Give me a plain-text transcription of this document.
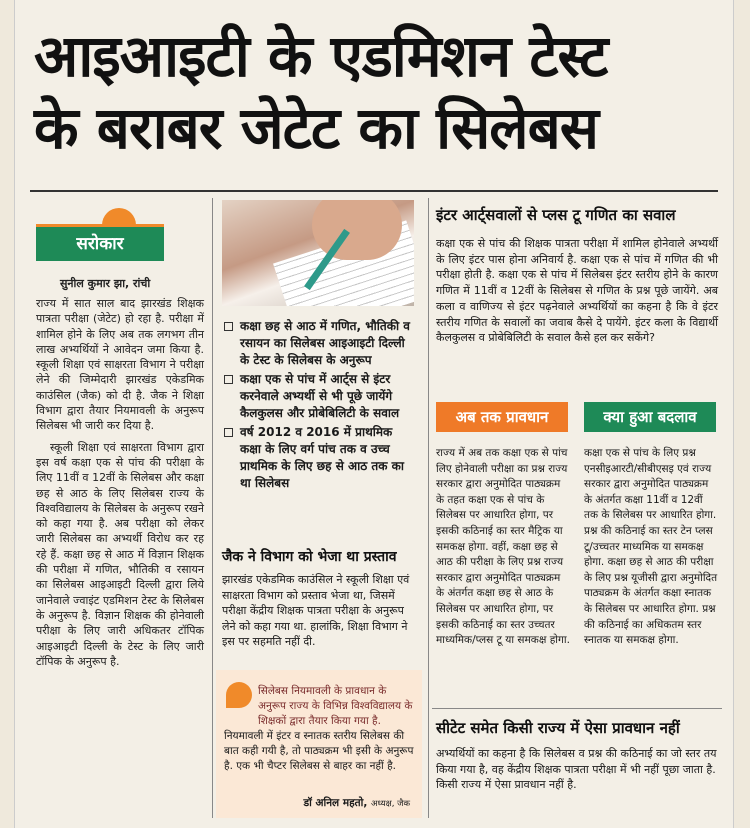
आइआइटी के एडमिशन टेस्ट
के बराबर जेटेट का सिलेबस
सरोकार
सुनील कुमार झा, रांची

राज्य में सात साल बाद झारखंड शिक्षक पात्रता परीक्षा (जेटेट) हो रहा है. परीक्षा में शामिल होने के लिए अब तक लगभग तीन लाख अभ्यर्थियों ने आवेदन जमा किया है. स्कूली शिक्षा एवं साक्षरता विभाग ने परीक्षा लेने की जिम्मेदारी झारखंड एकेडमिक काउंसिल (जैक) को दी है. जैक ने शिक्षा विभाग द्वारा तैयार नियमावली के अनुरूप सिलेबस भी जारी कर दिया है.

स्कूली शिक्षा एवं साक्षरता विभाग द्वारा इस वर्ष कक्षा एक से पांच की परीक्षा के लिए 11वीं व 12वीं के सिलेबस और कक्षा छह से आठ के लिए सिलेबस राज्य के विश्वविद्यालय के सिलेबस के अनुरूप रखने को कहा गया है. अब परीक्षा को लेकर जारी सिलेबस का अभ्यर्थी विरोध कर रह रहे हैं. कक्षा छह से आठ में विज्ञान शिक्षक की परीक्षा में गणित, भौतिकी व रसायन का सिलेबस आइआइटी दिल्ली द्वारा लिये जानेवाले ज्वाइंट एडमिशन टेस्ट के सिलेबस के अनुरूप है. विज्ञान शिक्षक की होनेवाली परीक्षा के लिए जारी अधिकतर टॉपिक आइआइटी दिल्ली के टेस्ट के लिए जारी टॉपिक के अनुरूप है.

कक्षा छह से आठ में गणित, भौतिकी व रसायन का सिलेबस आइआइटी दिल्ली के टेस्ट के सिलेबस के अनुरूप
कक्षा एक से पांच में आर्ट्स से इंटर करनेवाले अभ्यर्थी से भी पूछे जायेंगे कैलकुलस और प्रोबेबिलिटी के सवाल
वर्ष 2012 व 2016 में प्राथमिक कक्षा के लिए वर्ग पांच तक व उच्च प्राथमिक के लिए छह से आठ तक का था सिलेबस
जैक ने विभाग को भेजा था प्रस्ताव
झारखंड एकेडमिक काउंसिल ने स्कूली शिक्षा एवं साक्षरता विभाग को प्रस्ताव भेजा था, जिसमें परीक्षा केंद्रीय शिक्षक पात्रता परीक्षा के अनुरूप लेने को कहा गया था. हालांकि, शिक्षा विभाग ने इस पर सहमति नहीं दी.
सिलेबस नियमावली के प्रावधान के अनुरूप राज्य के विभिन्न विश्वविद्यालय के शिक्षकों द्वारा तैयार किया गया है.
नियमावली में इंटर व स्नातक स्तरीय सिलेबस की बात कही गयी है, तो पाठ्यक्रम भी इसी के अनुरूप है. एक भी चैप्टर सिलेबस से बाहर का नहीं है.
डॉ अनिल महतो, अध्यक्ष, जैक
इंटर आर्ट्सवालों से प्लस टू गणित का सवाल
कक्षा एक से पांच की शिक्षक पात्रता परीक्षा में शामिल होनेवाले अभ्यर्थी के लिए इंटर पास होना अनिवार्य है. कक्षा एक से पांच में गणित की भी परीक्षा होती है. कक्षा एक से पांच में सिलेबस इंटर स्तरीय होने के कारण गणित में 11वीं व 12वीं के सिलेबस से गणित के प्रश्न पूछे जायेंगे. अब कला व वाणिज्य से इंटर पढ़नेवाले अभ्यर्थियों का कहना है कि वे इंटर स्तरीय गणित के सवालों का जवाब कैसे दे पायेंगे. इंटर कला के विद्यार्थी कैलकुलस व प्रोबेबिलिटी के सवाल कैसे हल कर सकेंगे?
अब तक प्रावधान	क्या हुआ बदलाव
राज्य में अब तक कक्षा एक से पांच लिए होनेवाली परीक्षा का प्रश्न राज्य सरकार द्वारा अनुमोदित पाठ्यक्रम के तहत कक्षा एक से पांच के सिलेबस पर आधारित होगा, पर इसकी कठिनाई का स्तर मैट्रिक या समकक्ष होगा. वहीं, कक्षा छह से आठ की परीक्षा के लिए प्रश्न राज्य सरकार द्वारा अनुमोदित पाठ्यक्रम के अंतर्गत कक्षा छह से आठ के सिलेबस पर आधारित होगा, पर इसकी कठिनाई का स्तर उच्चतर माध्यमिक/प्लस टू या समकक्ष होगा.
कक्षा एक से पांच के लिए प्रश्न एनसीइआरटी/सीबीएसइ एवं राज्य सरकार द्वारा अनुमोदित पाठ्यक्रम के अंतर्गत कक्षा 11वीं व 12वीं तक के सिलेबस पर आधारित होगा. प्रश्न की कठिनाई का स्तर टेन प्लस टू/उच्चतर माध्यमिक या समकक्ष होगा. कक्षा छह से आठ की परीक्षा के लिए प्रश्न यूजीसी द्वारा अनुमोदित पाठ्यक्रम के अंतर्गत कक्षा स्नातक के सिलेबस पर आधारित होगा. प्रश्न की कठिनाई का अधिकतम स्तर स्नातक या समकक्ष होगा.
सीटेट समेत किसी राज्य में ऐसा प्रावधान नहीं
अभ्यर्थियों का कहना है कि सिलेबस व प्रश्न की कठिनाई का जो स्तर तय किया गया है, वह केंद्रीय शिक्षक पात्रता परीक्षा में भी नहीं पूछा जाता है. किसी राज्य में ऐसा प्रावधान नहीं है.
